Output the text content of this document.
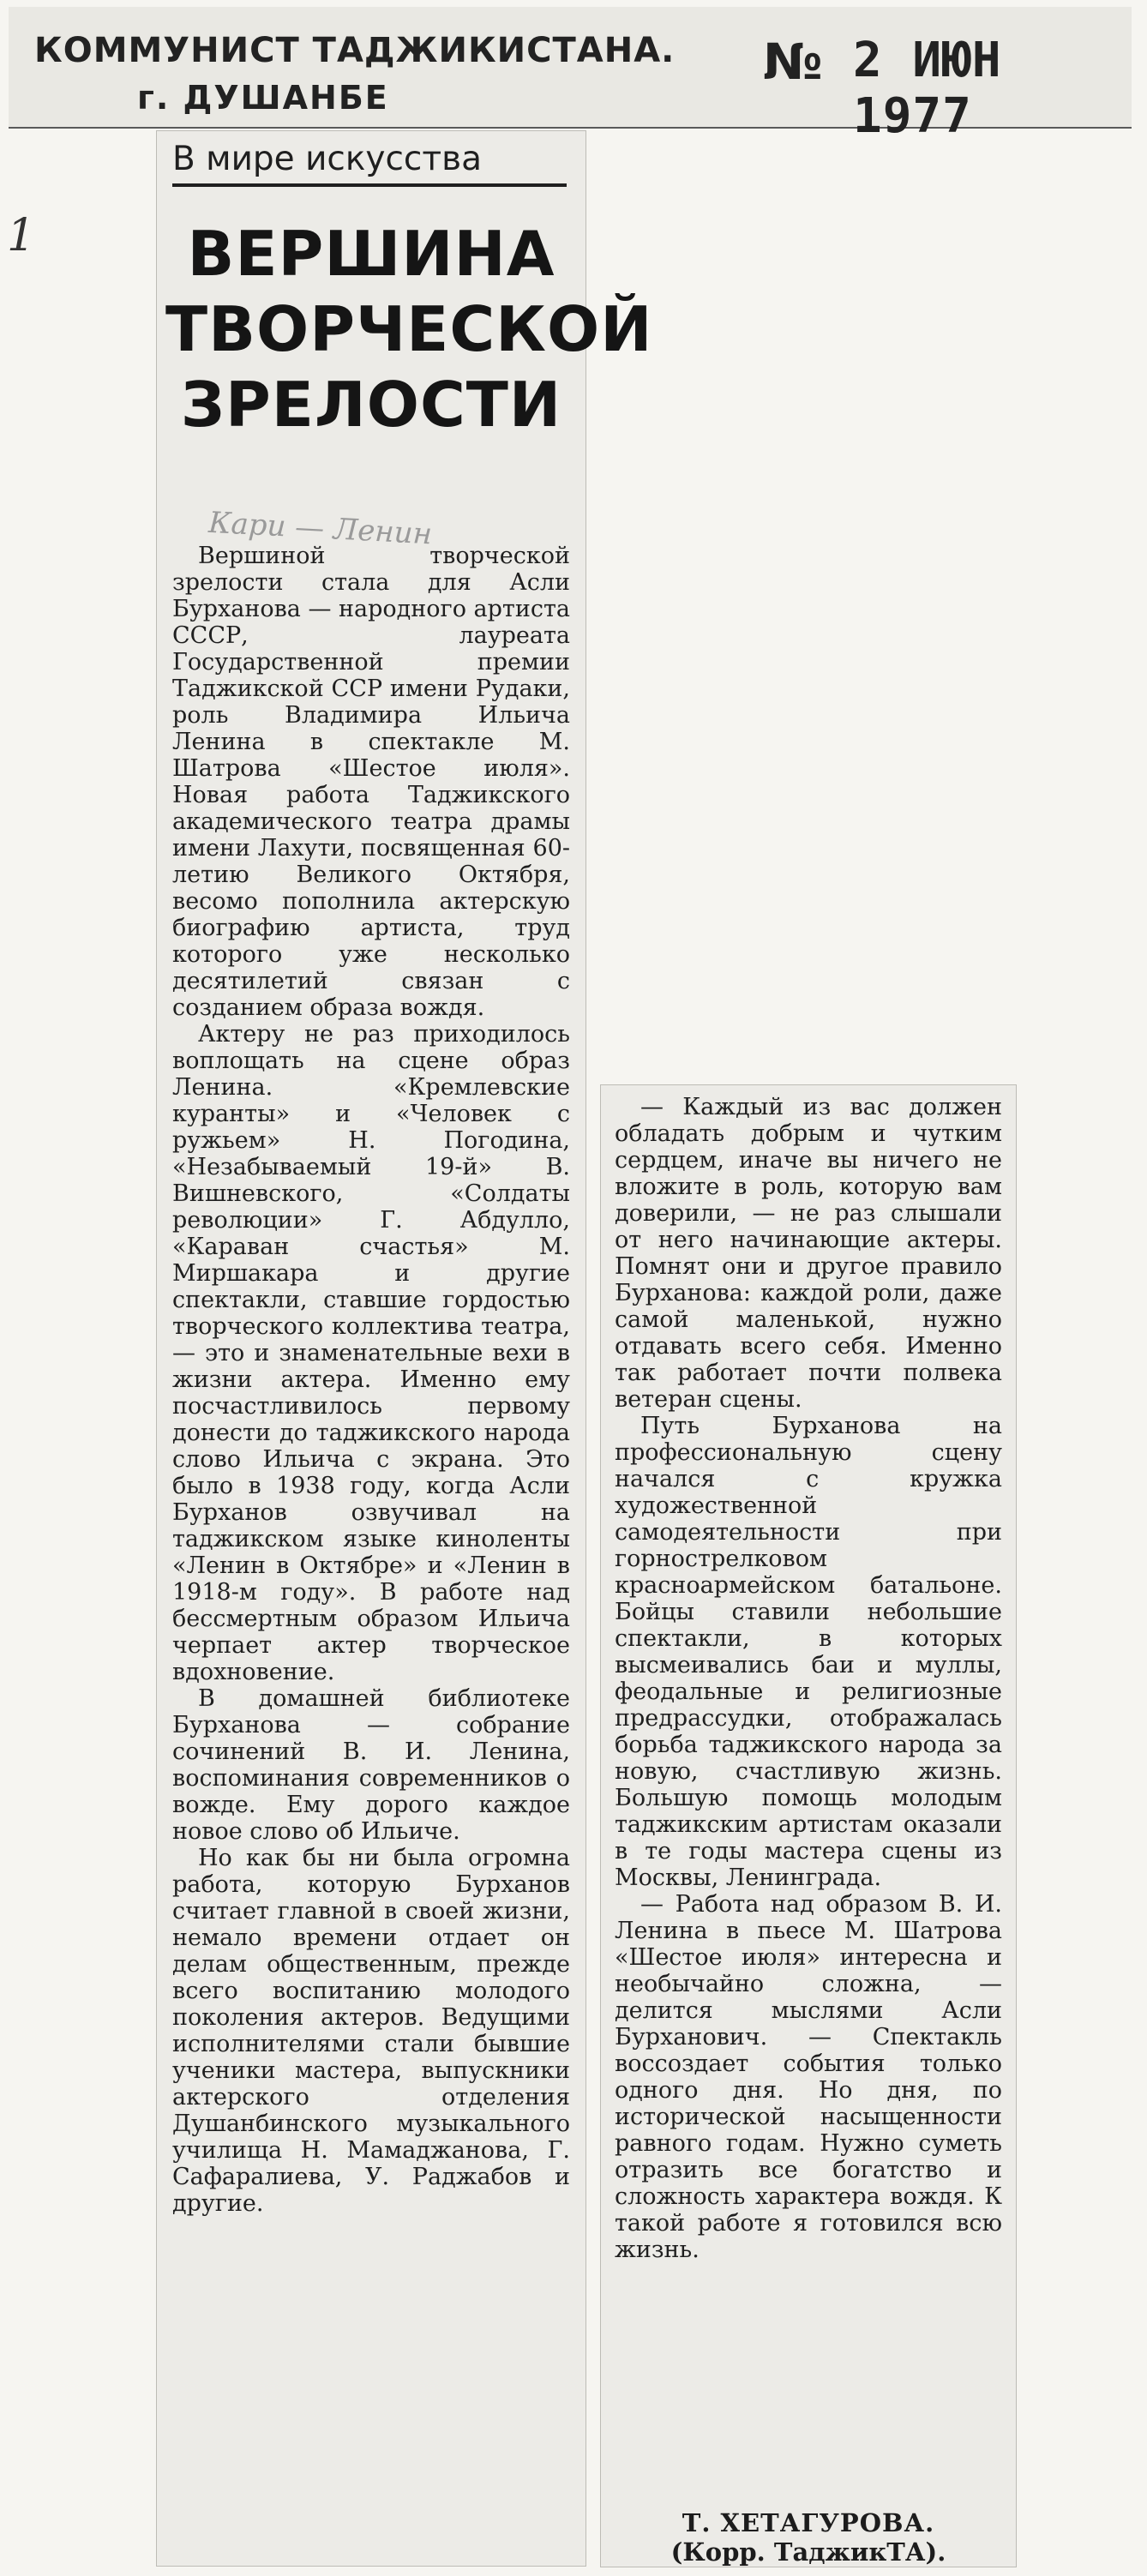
КОММУНИСТ ТАДЖИКИСТАНА.
г. ДУШАНБЕ
№ 2 ИЮН 1977
1
В мире искусства
ВЕРШИНА
ТВОРЧЕСКОЙ
ЗРЕЛОСТИ
Кари — Ленин

Вершиной творческой зрелости стала для Асли Бурханова — народного артиста СССР, лауреата Государственной премии Таджикской ССР имени Рудаки, роль Владимира Ильича Ленина в спектакле М. Шатрова «Шестое июля». Новая работа Таджикского академического театра драмы имени Лахути, посвященная 60-летию Великого Октября, весомо пополнила актерскую биографию артиста, труд которого уже несколько десятилетий связан с созданием образа вождя.

Актеру не раз приходилось воплощать на сцене образ Ленина. «Кремлевские куранты» и «Человек с ружьем» Н. Погодина, «Незабываемый 19-й» В. Вишневского, «Солдаты революции» Г. Абдулло, «Караван счастья» М. Миршакара и другие спектакли, ставшие гордостью творческого коллектива театра, — это и знаменательные вехи в жизни актера. Именно ему посчастливилось первому донести до таджикского народа слово Ильича с экрана. Это было в 1938 году, когда Асли Бурханов озвучивал на таджикском языке киноленты «Ленин в Октябре» и «Ленин в 1918-м году». В работе над бессмертным образом Ильича черпает актер творческое вдохновение.

В домашней библиотеке Бурханова — собрание сочинений В. И. Ленина, воспоминания современников о вожде. Ему дорого каждое новое слово об Ильиче.

Но как бы ни была огромна работа, которую Бурханов считает главной в своей жизни, немало времени отдает он делам общественным, прежде всего воспитанию молодого поколения актеров. Ведущими исполнителями стали бывшие ученики мастера, выпускники актерского отделения Душанбинского музыкального училища Н. Мамаджанова, Г. Сафаралиева, У. Раджабов и другие.

— Каждый из вас должен обладать добрым и чутким сердцем, иначе вы ничего не вложите в роль, которую вам доверили, — не раз слышали от него начинающие актеры. Помнят они и другое правило Бурханова: каждой роли, даже самой маленькой, нужно отдавать всего себя. Именно так работает почти полвека ветеран сцены.

Путь Бурханова на профессиональную сцену начался с кружка художественной самодеятельности при горнострелковом красноармейском батальоне. Бойцы ставили небольшие спектакли, в которых высмеивались баи и муллы, феодальные и религиозные предрассудки, отображалась борьба таджикского народа за новую, счастливую жизнь. Большую помощь молодым таджикским артистам оказали в те годы мастера сцены из Москвы, Ленинграда.

— Работа над образом В. И. Ленина в пьесе М. Шатрова «Шестое июля» интересна и необычайно сложна, — делится мыслями Асли Бурханович. — Спектакль воссоздает события только одного дня. Но дня, по исторической насыщенности равного годам. Нужно суметь отразить все богатство и сложность характера вождя. К такой работе я готовился всю жизнь.

Т. ХЕТАГУРОВА.
(Корр. ТаджикТА).
